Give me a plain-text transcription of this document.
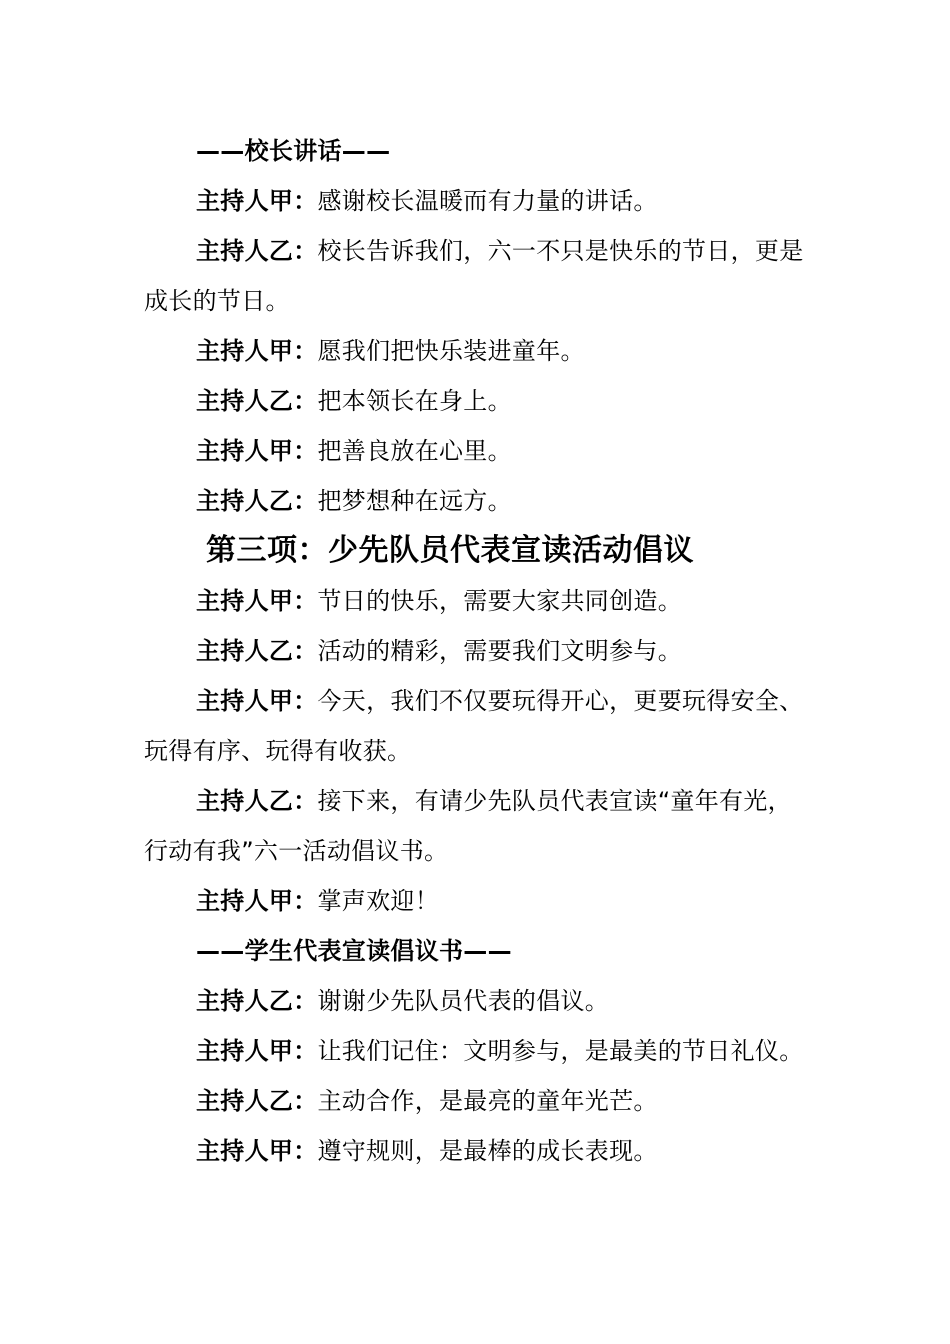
——校长讲话——

主持人甲：感谢校长温暖而有力量的讲话。

主持人乙：校长告诉我们，六一不只是快乐的节日，更是成长的节日。

主持人甲：愿我们把快乐装进童年。

主持人乙：把本领长在身上。

主持人甲：把善良放在心里。

主持人乙：把梦想种在远方。

第三项：少先队员代表宣读活动倡议

主持人甲：节日的快乐，需要大家共同创造。

主持人乙：活动的精彩，需要我们文明参与。

主持人甲：今天，我们不仅要玩得开心，更要玩得安全、玩得有序、玩得有收获。

主持人乙：接下来，有请少先队员代表宣读“童年有光，行动有我”六一活动倡议书。

主持人甲：掌声欢迎！

——学生代表宣读倡议书——

主持人乙：谢谢少先队员代表的倡议。

主持人甲：让我们记住：文明参与，是最美的节日礼仪。

主持人乙：主动合作，是最亮的童年光芒。

主持人甲：遵守规则，是最棒的成长表现。
